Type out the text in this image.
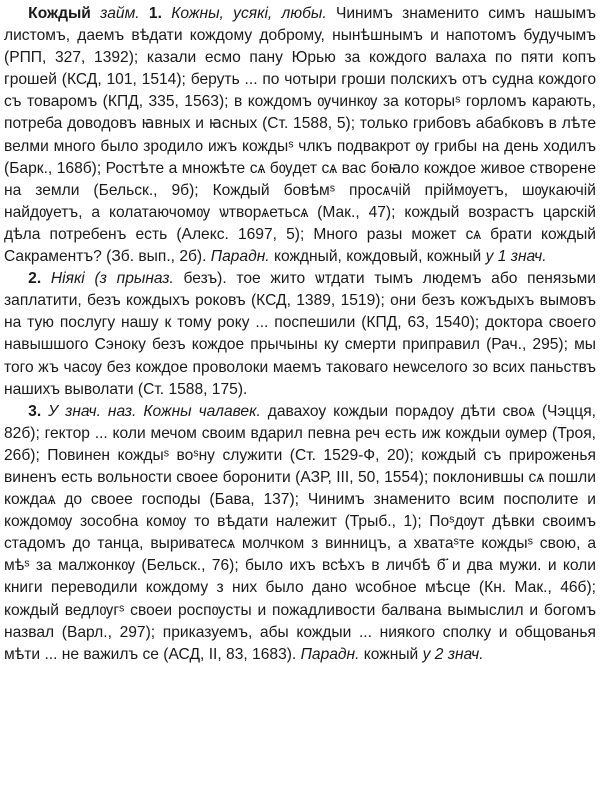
Кождый займ. 1. Кожны, усякі, любы. Чинимъ знаменито симъ нашымъ листомъ, даемъ вѣдати кождому доброму, нынѣшнымъ и напотомъ будучымъ (РПП, 327, 1392); казали есмо пану Юрью за кождого валаха по пяти копъ грошей (КСД, 101, 1514); беруть ... по чотыри гроши полскихъ отъ судна кождого съ товаромъ (КПД, 335, 1563); в кождомъ ѹчинкѹ за которыˢ горломъ карають, потреба доводовъ ꙗвных и ꙗсных (Ст. 1588, 5); только грибовъ абабковъ в лѣте велми много было зродило ижъ кождыˢ члкъ подвакрот ѹ грибы на день ходилъ (Барк., 168б); Ростѣте а множѣте сѧ бѹдет сѧ вас боꙗло кождое живое створене на земли (Бельск., 9б); Кождый бовѣмˢ просѧчій пріймѹетъ, шѹкаючій найдѹетъ, а колатаючомѹ ѡтворѧетьсѧ (Мак., 47); кождый возрастъ царскій дѣла потребенъ есть (Алекс. 1697, 5); Много разы может сѧ брати кождый Сакраментъ? (Зб. вып., 2б). Парадн. кождный, кождовый, кожный у 1 знач.

2. Ніякі (з прыназ. безъ). тое жито ѡтдати тымъ людемъ або пенязьми заплатити, безъ кождыхъ роковъ (КСД, 1389, 1519); они безъ кожъдыхъ вымовъ на тую послугу нашу к тому року ... поспешили (КПД, 63, 1540); доктора своего навышшого Сэноку безъ кождое прычыны ку смерти приправил (Рач., 295); мы того жъ часѹ без кождое проволоки маемъ таковаго неѡселого зо всих паньствъ нашихъ выволати (Ст. 1588, 175).

3. У знач. наз. Кожны чалавек. давахоу кождыи порѧдоу дѣти своѧ (Чэцця, 82б); гектор ... коли мечом своим вдарил певна реч есть иж кождыи ѹмер (Троя, 26б); Повинен кождыˢ воˢну служити (Ст. 1529-Ф, 20); кождый съ прироженья виненъ есть вольности своее боронити (АЗР, III, 50, 1554); поклонившы сѧ пошли кождаѧ до своее господы (Бава, 137); Чинимъ знаменито всим посполите и кождомѹ зособна комѹ то вѣдати належит (Трыб., 1); Поˢдѹт дѣвки своимъ стадомъ до танца, выриватесѧ молчком з винницъ, а хватаˢте кождыˢ свою, а мѣˢ за малжонкѹ (Бельск., 76); было ихъ всѣхъ в личбѣ б҃ и два мужи. и коли книги переводили кождому з них было дано ѡсобное мѣсце (Кн. Мак., 46б); кождый ведлѹгˢ своеи роспѹсты и пожадливости балвана вымыслил и богомъ назвал (Варл., 297); приказуемъ, абы кождыи ... ниякого сполку и общованья мѣти ... не важилъ се (АСД, II, 83, 1683). Парадн. кожный у 2 знач.
